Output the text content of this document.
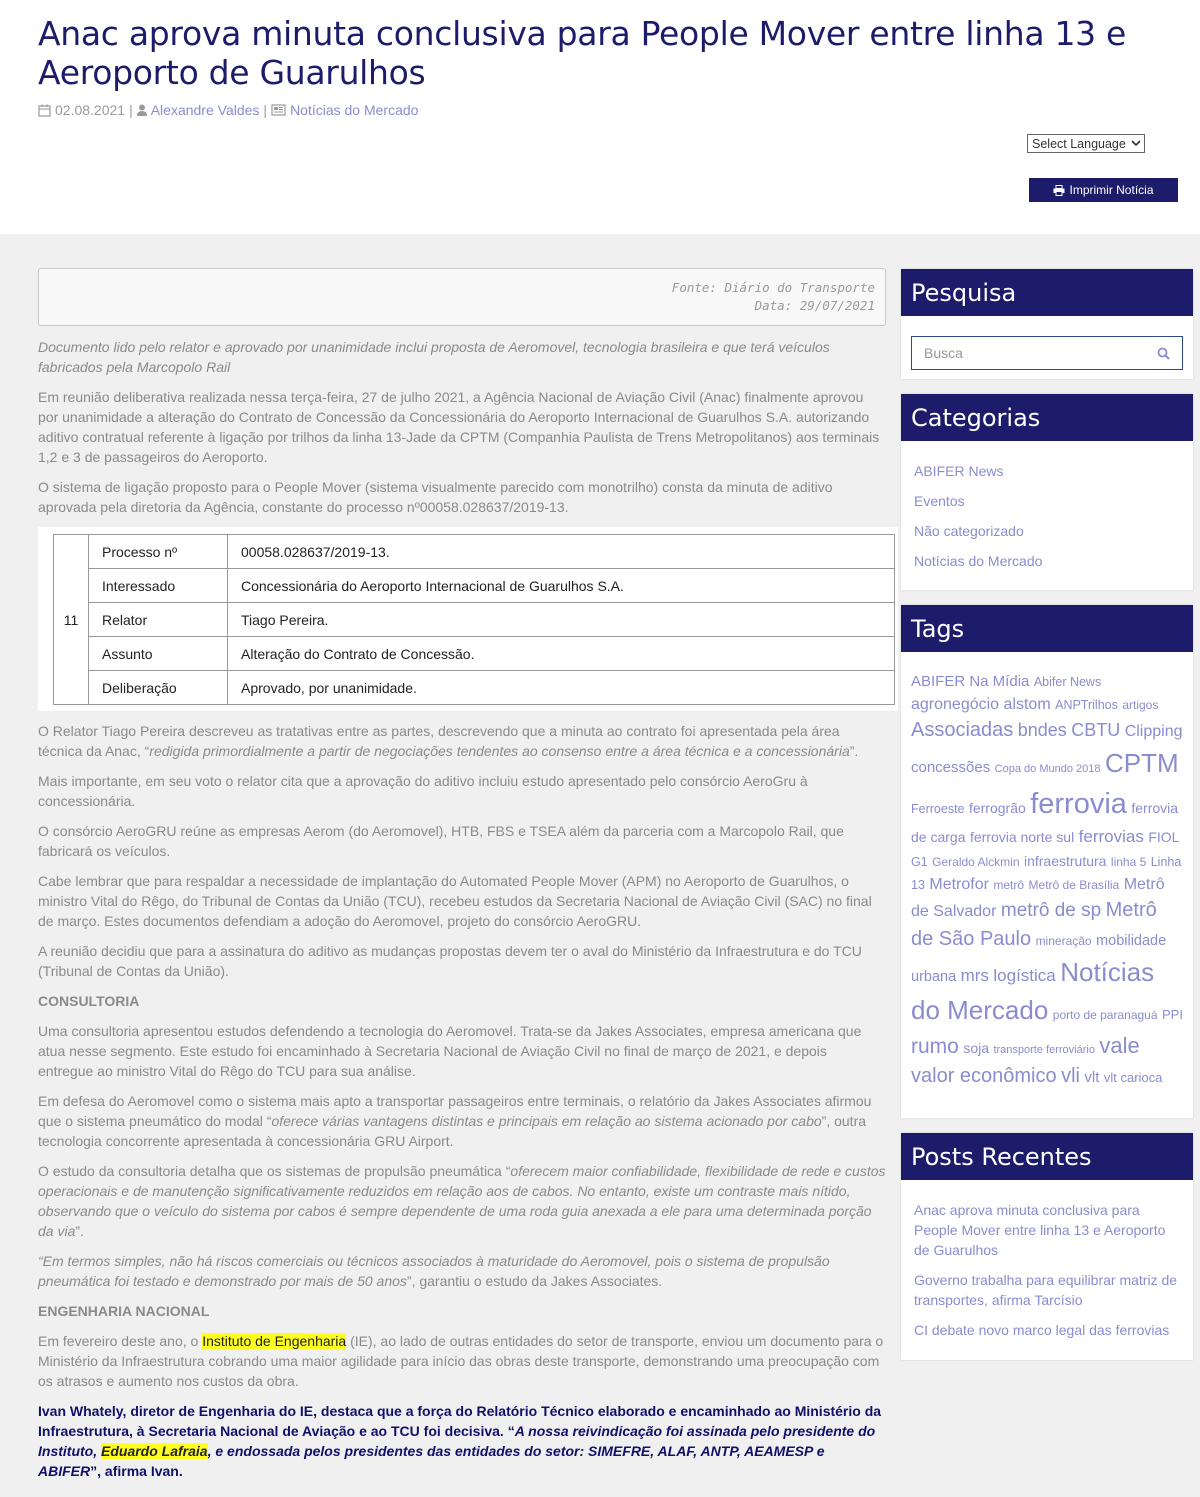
Anac aprova minuta conclusiva para People Mover entre linha 13 e Aeroporto de Guarulhos
02.08.2021 | Alexandre Valdes | Notícias do Mercado
Select Language
Imprimir Notícia
Fonte: Diário do Transporte
Data: 29/07/2021

Documento lido pelo relator e aprovado por unanimidade inclui proposta de Aeromovel, tecnologia brasileira e que terá veículos fabricados pela Marcopolo Rail

Em reunião deliberativa realizada nessa terça-feira, 27 de julho 2021, a Agência Nacional de Aviação Civil (Anac) finalmente aprovou por unanimidade a alteração do Contrato de Concessão da Concessionária do Aeroporto Internacional de Guarulhos S.A. autorizando aditivo contratual referente à ligação por trilhos da linha 13-Jade da CPTM (Companhia Paulista de Trens Metropolitanos) aos terminais 1,2 e 3 de passageiros do Aeroporto.

O sistema de ligação proposto para o People Mover (sistema visualmente parecido com monotrilho) consta da minuta de aditivo aprovada pela diretoria da Agência, constante do processo nº00058.028637/2019-13.

11	Processo nº	00058.028637/2019-13.
	Interessado	Concessionária do Aeroporto Internacional de Guarulhos S.A.
	Relator	Tiago Pereira.
	Assunto	Alteração do Contrato de Concessão.
	Deliberação	Aprovado, por unanimidade.

O Relator Tiago Pereira descreveu as tratativas entre as partes, descrevendo que a minuta ao contrato foi apresentada pela área técnica da Anac, “redigida primordialmente a partir de negociações tendentes ao consenso entre a área técnica e a concessionária”.

Mais importante, em seu voto o relator cita que a aprovação do aditivo incluiu estudo apresentado pelo consórcio AeroGru à concessionária.

O consórcio AeroGRU reúne as empresas Aerom (do Aeromovel), HTB, FBS e TSEA além da parceria com a Marcopolo Rail, que fabricará os veículos.

Cabe lembrar que para respaldar a necessidade de implantação do Automated People Mover (APM) no Aeroporto de Guarulhos, o ministro Vital do Rêgo, do Tribunal de Contas da União (TCU), recebeu estudos da Secretaria Nacional de Aviação Civil (SAC) no final de março. Estes documentos defendiam a adoção do Aeromovel, projeto do consórcio AeroGRU.

A reunião decidiu que para a assinatura do aditivo as mudanças propostas devem ter o aval do Ministério da Infraestrutura e do TCU (Tribunal de Contas da União).

CONSULTORIA

Uma consultoria apresentou estudos defendendo a tecnologia do Aeromovel. Trata-se da Jakes Associates, empresa americana que atua nesse segmento. Este estudo foi encaminhado à Secretaria Nacional de Aviação Civil no final de março de 2021, e depois entregue ao ministro Vital do Rêgo do TCU para sua análise.

Em defesa do Aeromovel como o sistema mais apto a transportar passageiros entre terminais, o relatório da Jakes Associates afirmou que o sistema pneumático do modal “oferece várias vantagens distintas e principais em relação ao sistema acionado por cabo”, outra tecnologia concorrente apresentada à concessionária GRU Airport.

O estudo da consultoria detalha que os sistemas de propulsão pneumática “oferecem maior confiabilidade, flexibilidade de rede e custos operacionais e de manutenção significativamente reduzidos em relação aos de cabos. No entanto, existe um contraste mais nítido, observando que o veículo do sistema por cabos é sempre dependente de uma roda guia anexada a ele para uma determinada porção da via”.

“Em termos simples, não há riscos comerciais ou técnicos associados à maturidade do Aeromovel, pois o sistema de propulsão pneumática foi testado e demonstrado por mais de 50 anos”, garantiu o estudo da Jakes Associates.

ENGENHARIA NACIONAL

Em fevereiro deste ano, o Instituto de Engenharia (IE), ao lado de outras entidades do setor de transporte, enviou um documento para o Ministério da Infraestrutura cobrando uma maior agilidade para início das obras deste transporte, demonstrando uma preocupação com os atrasos e aumento nos custos da obra.

Ivan Whately, diretor de Engenharia do IE, destaca que a força do Relatório Técnico elaborado e encaminhado ao Ministério da Infraestrutura, à Secretaria Nacional de Aviação e ao TCU foi decisiva. “A nossa reivindicação foi assinada pelo presidente do Instituto, Eduardo Lafraia, e endossada pelos presidentes das entidades do setor: SIMEFRE, ALAF, ANTP, AEAMESP e ABIFER”, afirma Ivan.

Pesquisa
Busca
Categorias
ABIFER News
Eventos
Não categorizado
Notícias do Mercado
Tags
ABIFER Na Mídia Abifer News agronegócio alstom ANPTrilhos artigos Associadas bndes CBTU Clipping concessões Copa do Mundo 2018 CPTM Ferroeste ferrogrão ferrovia ferrovia de carga ferrovia norte sul ferrovias FIOL G1 Geraldo Alckmin infraestrutura linha 5 Linha 13 Metrofor metrô Metrô de Brasília Metrô de Salvador metrô de sp Metrô de São Paulo mineração mobilidade urbana mrs logística Notícias do Mercado porto de paranaguá PPI rumo soja transporte ferroviário vale valor econômico vli vlt vlt carioca
Posts Recentes
Anac aprova minuta conclusiva para People Mover entre linha 13 e Aeroporto de Guarulhos
Governo trabalha para equilibrar matriz de transportes, afirma Tarcísio
CI debate novo marco legal das ferrovias
